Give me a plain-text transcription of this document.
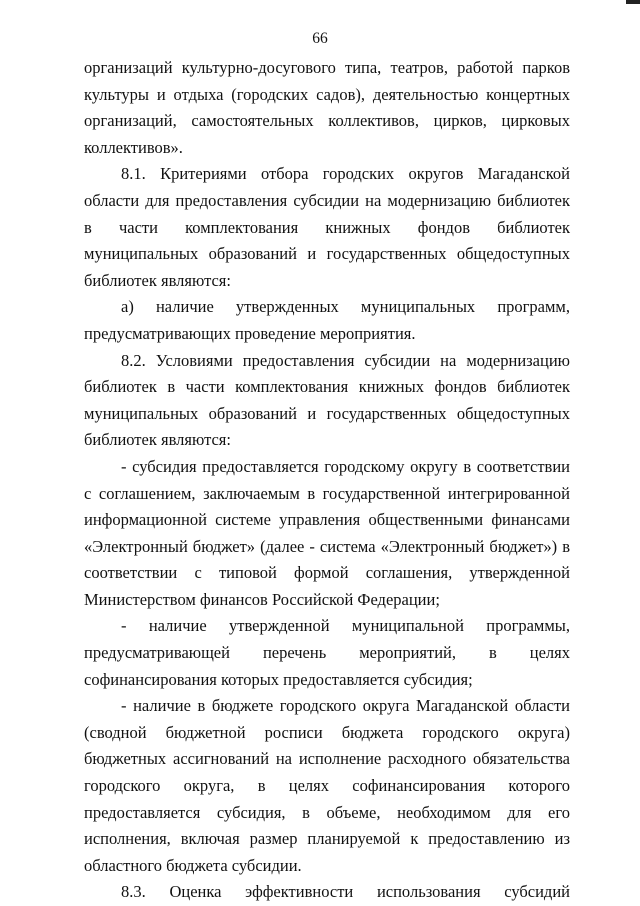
66

организаций культурно-досугового типа, театров, работой парков культуры и отдыха (городских садов), деятельностью концертных организаций, самостоятельных коллективов, цирков, цирковых коллективов».

8.1. Критериями отбора городских округов Магаданской области для предоставления субсидии на модернизацию библиотек в части комплектования книжных фондов библиотек муниципальных образований и государственных общедоступных библиотек являются:

а) наличие утвержденных муниципальных программ, предусматривающих проведение мероприятия.

8.2. Условиями предоставления субсидии на модернизацию библиотек в части комплектования книжных фондов библиотек муниципальных образований и государственных общедоступных библиотек являются:

- субсидия предоставляется городскому округу в соответствии с соглашением, заключаемым в государственной интегрированной информационной системе управления общественными финансами «Электронный бюджет» (далее - система «Электронный бюджет») в соответствии с типовой формой соглашения, утвержденной Министерством финансов Российской Федерации;

- наличие утвержденной муниципальной программы, предусматривающей перечень мероприятий, в целях софинансирования которых предоставляется субсидия;

- наличие в бюджете городского округа Магаданской области (сводной бюджетной росписи бюджета городского округа) бюджетных ассигнований на исполнение расходного обязательства городского округа, в целях софинансирования которого предоставляется субсидия, в объеме, необходимом для его исполнения, включая размер планируемой к предоставлению из областного бюджета субсидии.

8.3. Оценка эффективности использования субсидий
